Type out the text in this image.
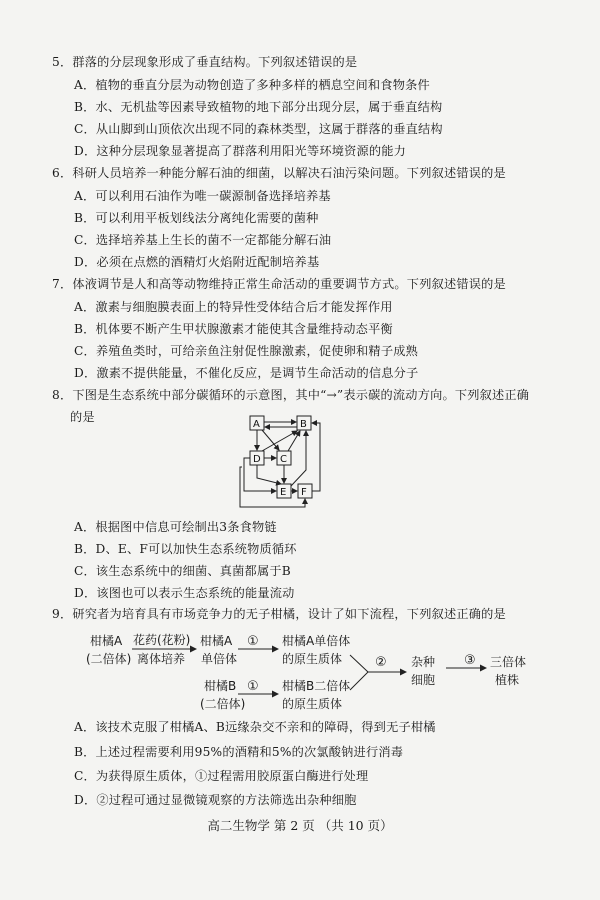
5．群落的分层现象形成了垂直结构。下列叙述错误的是
A．植物的垂直分层为动物创造了多种多样的栖息空间和食物条件
B．水、无机盐等因素导致植物的地下部分出现分层，属于垂直结构
C．从山脚到山顶依次出现不同的森林类型，这属于群落的垂直结构
D．这种分层现象显著提高了群落利用阳光等环境资源的能力
6．科研人员培养一种能分解石油的细菌，以解决石油污染问题。下列叙述错误的是
A．可以利用石油作为唯一碳源制备选择培养基
B．可以利用平板划线法分离纯化需要的菌种
C．选择培养基上生长的菌不一定都能分解石油
D．必须在点燃的酒精灯火焰附近配制培养基
7．体液调节是人和高等动物维持正常生命活动的重要调节方式。下列叙述错误的是
A．激素与细胞膜表面上的特异性受体结合后才能发挥作用
B．机体要不断产生甲状腺激素才能使其含量维持动态平衡
C．养殖鱼类时，可给亲鱼注射促性腺激素，促使卵和精子成熟
D．激素不提供能量，不催化反应，是调节生命活动的信息分子
8．下图是生态系统中部分碳循环的示意图，其中“→”表示碳的流动方向。下列叙述正确
的是
A	B
D C
E F
A．根据图中信息可绘制出3条食物链
B．D、E、F可以加快生态系统物质循环
C．该生态系统中的细菌、真菌都属于B
D．该图也可以表示生态系统的能量流动
9．研究者为培育具有市场竞争力的无子柑橘，设计了如下流程，下列叙述正确的是
柑橘A
(二倍体)
花药(花粉)
离体培养
柑橘A
单倍体
① 柑橘A单倍体
的原生质体
柑橘B
(二倍体)
① 柑橘B二倍体
的原生质体
② 杂种
细胞
③ 三倍体
植株
A．该技术克服了柑橘A、B远缘杂交不亲和的障碍，得到无子柑橘
B．上述过程需要利用95%的酒精和5%的次氯酸钠进行消毒
C．为获得原生质体，①过程需用胶原蛋白酶进行处理
D．②过程可通过显微镜观察的方法筛选出杂种细胞
高二生物学 第 2 页 （共 10 页）
